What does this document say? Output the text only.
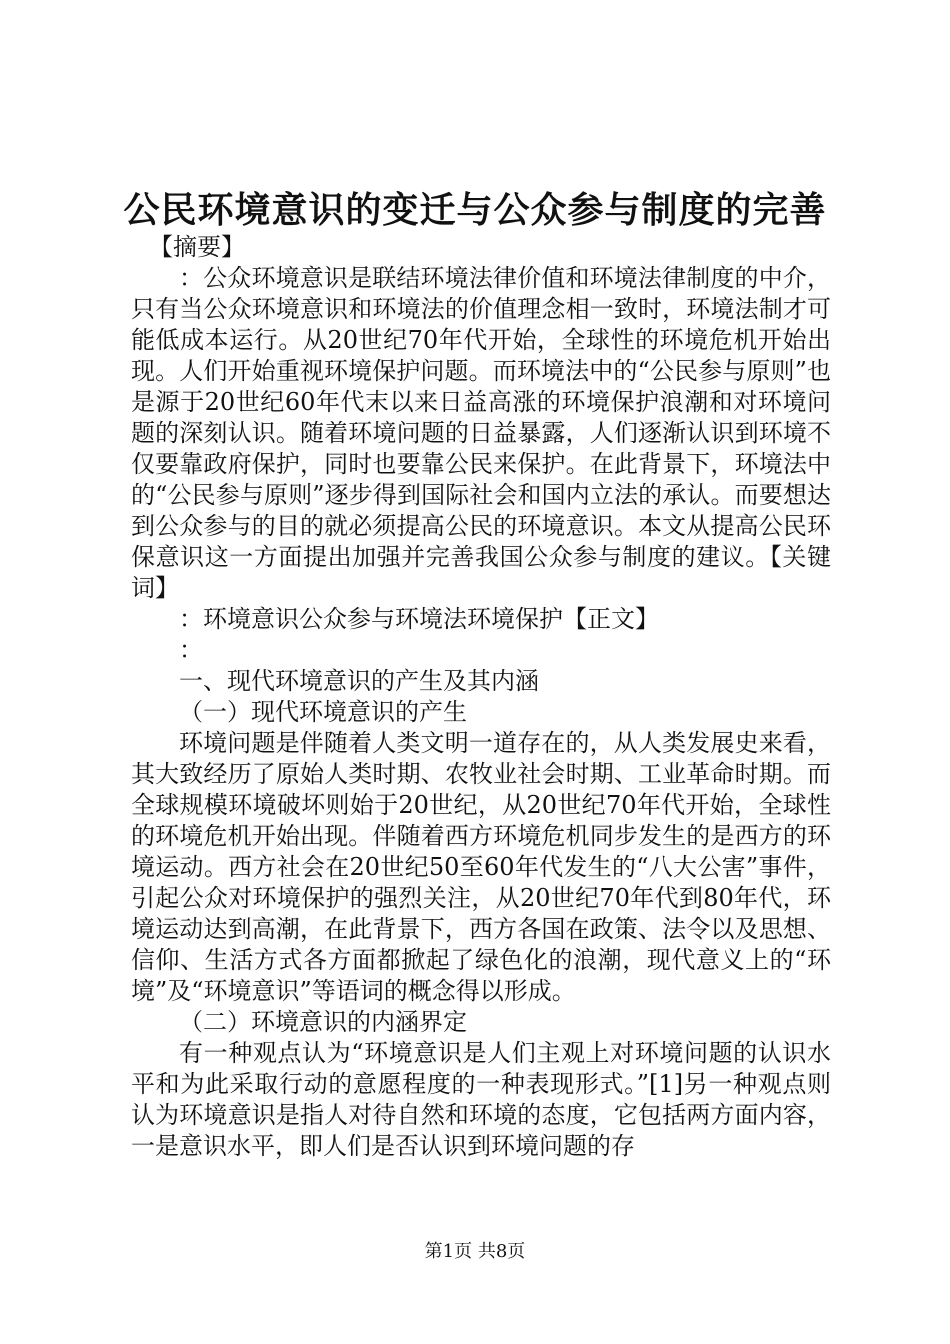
公民环境意识的变迁与公众参与制度的完善

【摘要】

：公众环境意识是联结环境法律价值和环境法律制度的中介，只有当公众环境意识和环境法的价值理念相一致时，环境法制才可能低成本运行。从20世纪70年代开始，全球性的环境危机开始出现。人们开始重视环境保护问题。而环境法中的“公民参与原则”也是源于20世纪60年代末以来日益高涨的环境保护浪潮和对环境问题的深刻认识。随着环境问题的日益暴露，人们逐渐认识到环境不仅要靠政府保护，同时也要靠公民来保护。在此背景下，环境法中的“公民参与原则”逐步得到国际社会和国内立法的承认。而要想达到公众参与的目的就必须提高公民的环境意识。本文从提高公民环保意识这一方面提出加强并完善我国公众参与制度的建议。【关键词】

：环境意识公众参与环境法环境保护【正文】

：

一、现代环境意识的产生及其内涵

（一）现代环境意识的产生

环境问题是伴随着人类文明一道存在的，从人类发展史来看，其大致经历了原始人类时期、农牧业社会时期、工业革命时期。而全球规模环境破坏则始于20世纪，从20世纪70年代开始，全球性的环境危机开始出现。伴随着西方环境危机同步发生的是西方的环境运动。西方社会在20世纪50至60年代发生的“八大公害”事件，引起公众对环境保护的强烈关注，从20世纪70年代到80年代，环境运动达到高潮，在此背景下，西方各国在政策、法令以及思想、信仰、生活方式各方面都掀起了绿色化的浪潮，现代意义上的“环境”及“环境意识”等语词的概念得以形成。

（二）环境意识的内涵界定

有一种观点认为“环境意识是人们主观上对环境问题的认识水平和为此采取行动的意愿程度的一种表现形式。”[1]另一种观点则认为环境意识是指人对待自然和环境的态度，它包括两方面内容，一是意识水平，即人们是否认识到环境问题的存

第1页 共8页
